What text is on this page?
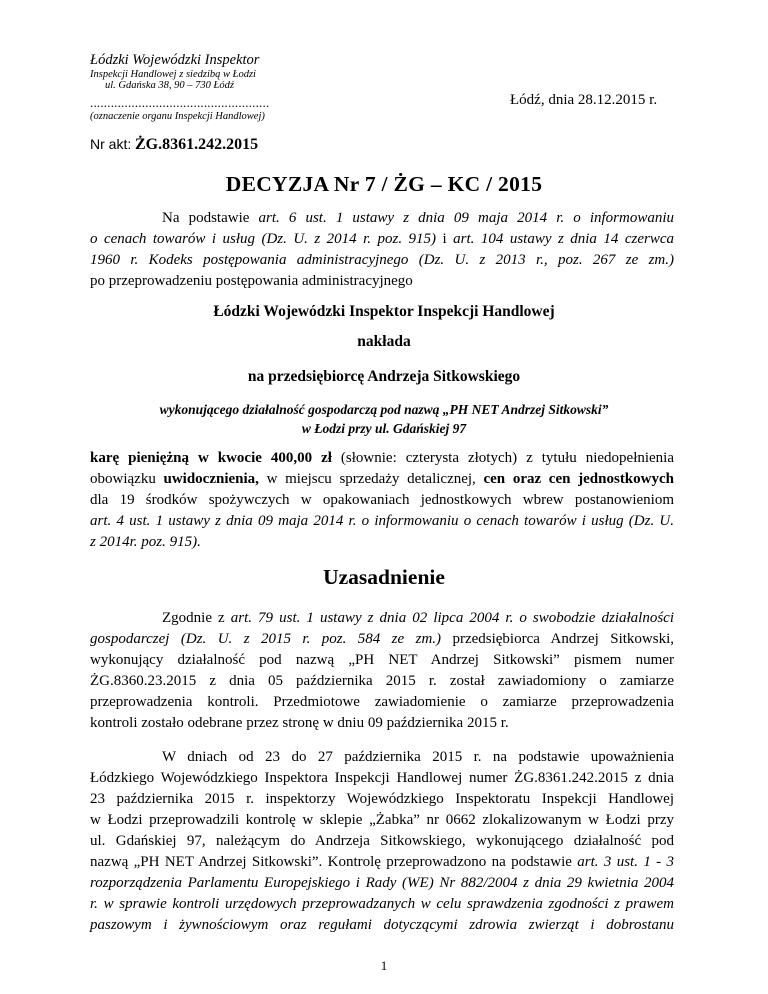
Łódzki Wojewódzki Inspektor
Inspekcji Handlowej z siedzibą w Łodzi
ul. Gdańska 38, 90 – 730 Łódź
....................................................
(oznaczenie organu Inspekcji Handlowej)
Łódź, dnia 28.12.2015 r.
Nr akt: ŻG.8361.242.2015
DECYZJA Nr 7 / ŻG – KC / 2015
Na podstawie art. 6 ust. 1 ustawy z dnia 09 maja 2014 r. o informowaniu
o cenach towarów i usług (Dz. U. z 2014 r. poz. 915) i art. 104 ustawy z dnia 14 czerwca
1960 r. Kodeks postępowania administracyjnego (Dz. U. z 2013 r., poz. 267 ze zm.)
po przeprowadzeniu postępowania administracyjnego
Łódzki Wojewódzki Inspektor Inspekcji Handlowej
nakłada
na przedsiębiorcę Andrzeja Sitkowskiego
wykonującego działalność gospodarczą pod nazwą „PH NET Andrzej Sitkowski”
w Łodzi przy ul. Gdańskiej 97
karę pieniężną w kwocie 400,00 zł (słownie: czterysta złotych) z tytułu niedopełnienia
obowiązku uwidocznienia, w miejscu sprzedaży detalicznej, cen oraz cen jednostkowych
dla 19 środków spożywczych w opakowaniach jednostkowych wbrew postanowieniom
art. 4 ust. 1 ustawy z dnia 09 maja 2014 r. o informowaniu o cenach towarów i usług (Dz. U.
z 2014r. poz. 915).
Uzasadnienie
Zgodnie z art. 79 ust. 1 ustawy z dnia 02 lipca 2004 r. o swobodzie działalności
gospodarczej (Dz. U. z 2015 r. poz. 584 ze zm.) przedsiębiorca Andrzej Sitkowski,
wykonujący działalność pod nazwą „PH NET Andrzej Sitkowski” pismem numer
ŻG.8360.23.2015 z dnia 05 października 2015 r. został zawiadomiony o zamiarze
przeprowadzenia kontroli. Przedmiotowe zawiadomienie o zamiarze przeprowadzenia
kontroli zostało odebrane przez stronę w dniu 09 października 2015 r.
W dniach od 23 do 27 października 2015 r. na podstawie upoważnienia
Łódzkiego Wojewódzkiego Inspektora Inspekcji Handlowej numer ŻG.8361.242.2015 z dnia
23 października 2015 r. inspektorzy Wojewódzkiego Inspektoratu Inspekcji Handlowej
w Łodzi przeprowadzili kontrolę w sklepie „Żabka” nr 0662 zlokalizowanym w Łodzi przy
ul. Gdańskiej 97, należącym do Andrzeja Sitkowskiego, wykonującego działalność pod
nazwą „PH NET Andrzej Sitkowski”. Kontrolę przeprowadzono na podstawie art. 3 ust. 1 - 3
rozporządzenia Parlamentu Europejskiego i Rady (WE) Nr 882/2004 z dnia 29 kwietnia 2004
r. w sprawie kontroli urzędowych przeprowadzanych w celu sprawdzenia zgodności z prawem
paszowym i żywnościowym oraz regułami dotyczącymi zdrowia zwierząt i dobrostanu
1
